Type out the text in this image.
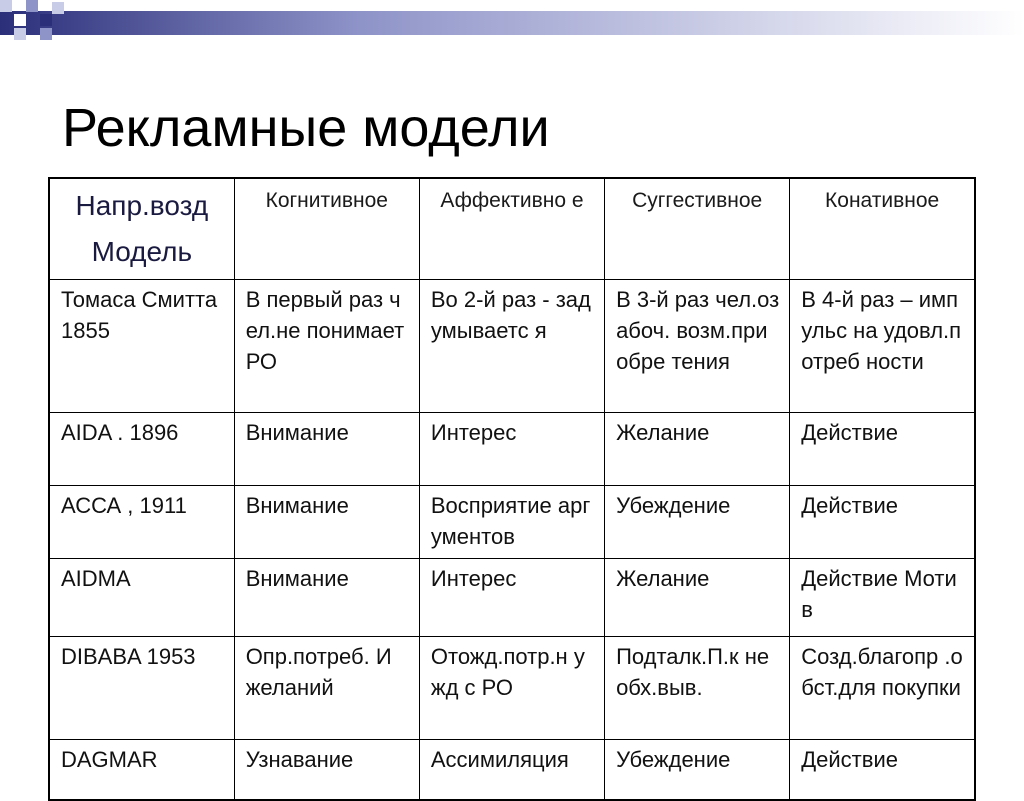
Рекламные модели
Напр.возд
Модель	Когнитивное	Аффективно е	Суггестивное	Конативное
Томаса Смитта 1855	В первый раз чел.не понимает РО	Во 2-й раз - задумываетс я	В 3-й раз чел.озабоч. возм.приобре тения	В 4-й раз – импульс на удовл.потреб ности
AIDA . 1896	Внимание	Интерес	Желание	Действие
АССА , 1911	Внимание	Восприятие аргументов	Убеждение	Действие
AIDMA	Внимание	Интерес	Желание	Действие Мотив
DIBABA 1953	Опр.потреб. И желаний	Отожд.потр.н ужд с РО	Подталк.П.к необх.выв.	Созд.благопр .обст.для покупки
DAGMAR	Узнавание	Ассимиляция	Убеждение	Действие
